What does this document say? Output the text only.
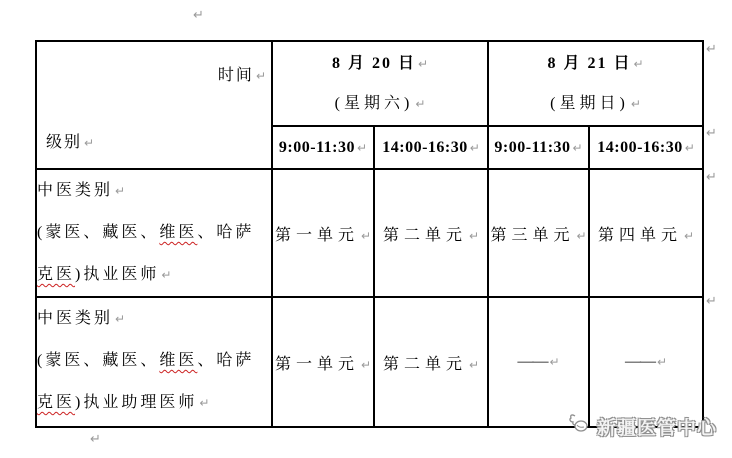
↵
时间 ↵
级别 ↵

8 月 20 日 ↵
(星期六) ↵

8 月 21 日 ↵
(星期日) ↵

	9:00-11:30 ↵	14:00-16:30 ↵	9:00-11:30 ↵	14:00-16:30 ↵
中医类别 ↵
(蒙医、藏医、维医、哈萨克医)执业医师 ↵	第一单元 ↵	第二单元 ↵	第三单元 ↵	第四单元 ↵
中医类别 ↵
(蒙医、藏医、维医、哈萨克医)执业助理医师 ↵	第一单元 ↵	第二单元 ↵	—— ↵	—— ↵
↵
↵
↵
↵
↵
新疆医管中心
